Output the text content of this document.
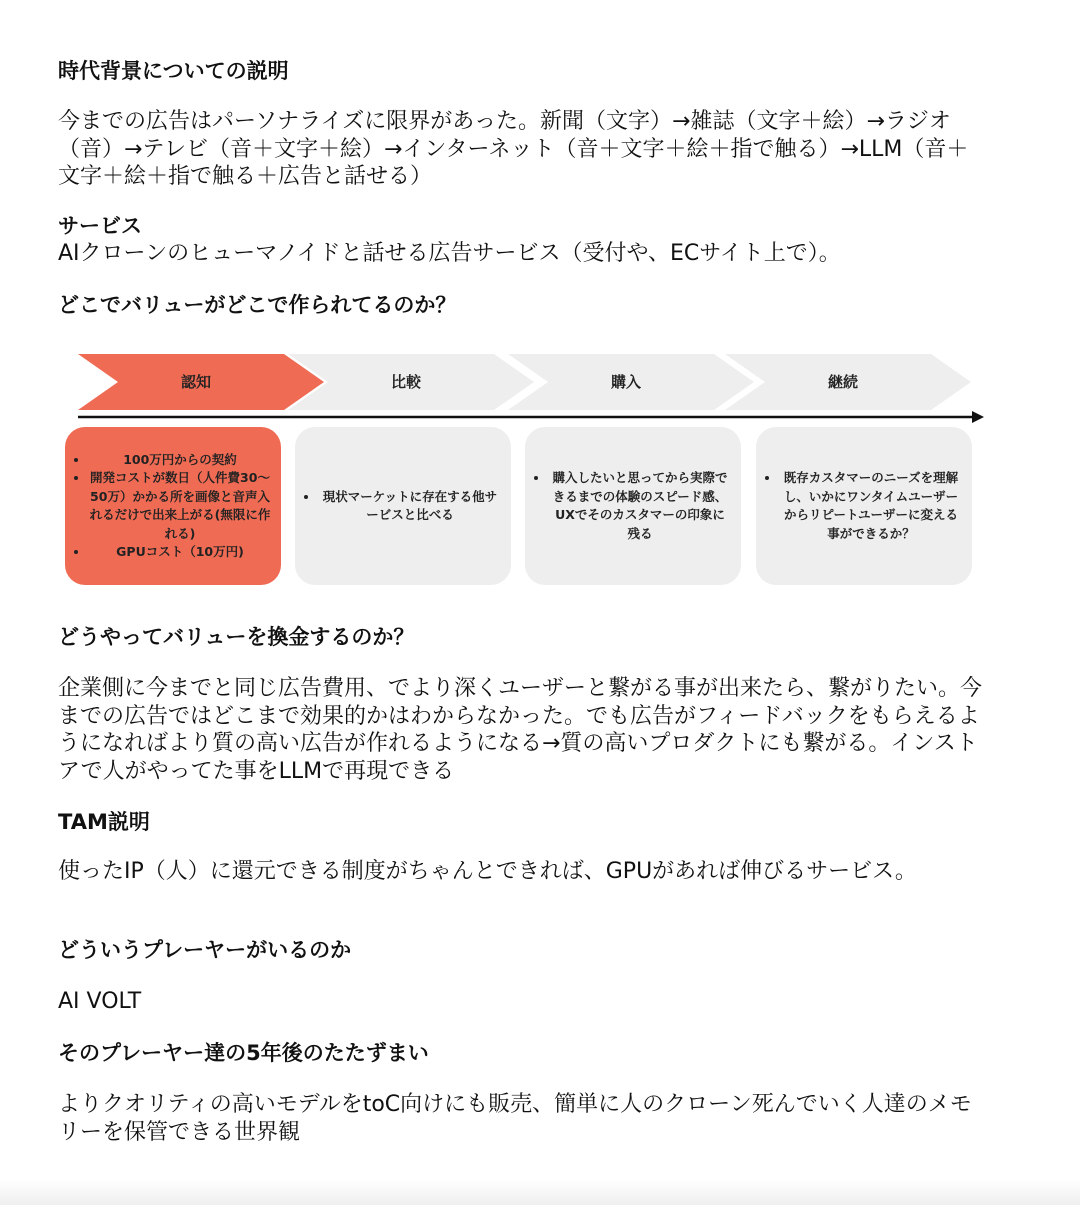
時代背景についての説明

今までの広告はパーソナライズに限界があった。新聞（文字）→雑誌（文字＋絵）→ラジオ（音）→テレビ（音＋文字＋絵）→インターネット（音＋文字＋絵＋指で触る）→LLM（音＋文字＋絵＋指で触る＋広告と話せる）

サービス

AIクローンのヒューマノイドと話せる広告サービス（受付や、ECサイト上で）。

どこでバリューがどこで作られてるのか？
認知	比較	購入	継続
• 100万円からの契約
• 開発コストが数日（人件費30〜50万）かかる所を画像と音声入れるだけで出来上がる(無限に作れる)
• GPUコスト（10万円)
• 現状マーケットに存在する他サービスと比べる
• 購入したいと思ってから実際できるまでの体験のスピード感、UXでそのカスタマーの印象に残る
• 既存カスタマーのニーズを理解し、いかにワンタイムユーザーからリピートユーザーに変える事ができるか？
どうやってバリューを換金するのか？

企業側に今までと同じ広告費用、でより深くユーザーと繋がる事が出来たら、繋がりたい。今までの広告ではどこまで効果的かはわからなかった。でも広告がフィードバックをもらえるようになればより質の高い広告が作れるようになる→質の高いプロダクトにも繋がる。インストアで人がやってた事をLLMで再現できる

TAM説明

使ったIP（人）に還元できる制度がちゃんとできれば、GPUがあれば伸びるサービス。

どういうプレーヤーがいるのか

AI VOLT

そのプレーヤー達の5年後のたたずまい

よりクオリティの高いモデルをtoC向けにも販売、簡単に人のクローン死んでいく人達のメモリーを保管できる世界観
